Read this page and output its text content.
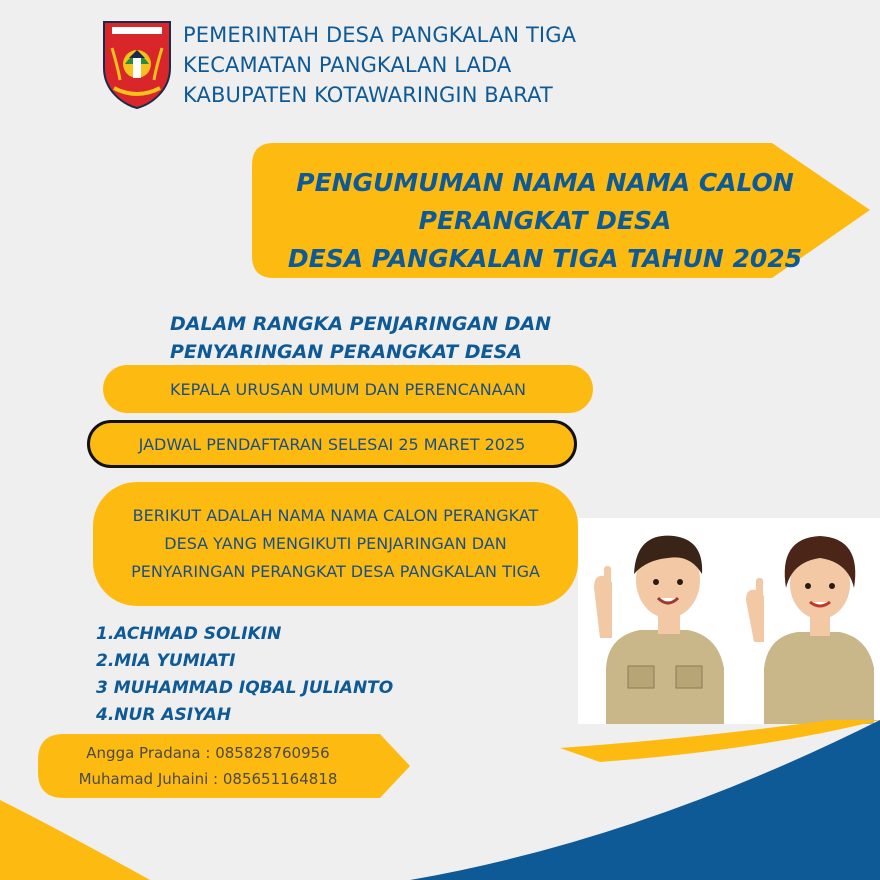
PEMERINTAH DESA PANGKALAN TIGA
KECAMATAN PANGKALAN LADA
KABUPATEN KOTAWARINGIN BARAT
PENGUMUMAN NAMA NAMA CALON
PERANGKAT DESA
DESA PANGKALAN TIGA TAHUN 2025
DALAM RANGKA PENJARINGAN DAN
PENYARINGAN PERANGKAT DESA
KEPALA URUSAN UMUM DAN PERENCANAAN
JADWAL PENDAFTARAN SELESAI 25 MARET 2025
BERIKUT ADALAH NAMA NAMA CALON PERANGKAT
DESA YANG MENGIKUTI PENJARINGAN DAN
PENYARINGAN PERANGKAT DESA PANGKALAN TIGA
1.ACHMAD SOLIKIN
2.MIA YUMIATI
3 MUHAMMAD IQBAL JULIANTO
4.NUR ASIYAH
Angga Pradana : 085828760956
Muhamad Juhaini : 085651164818
